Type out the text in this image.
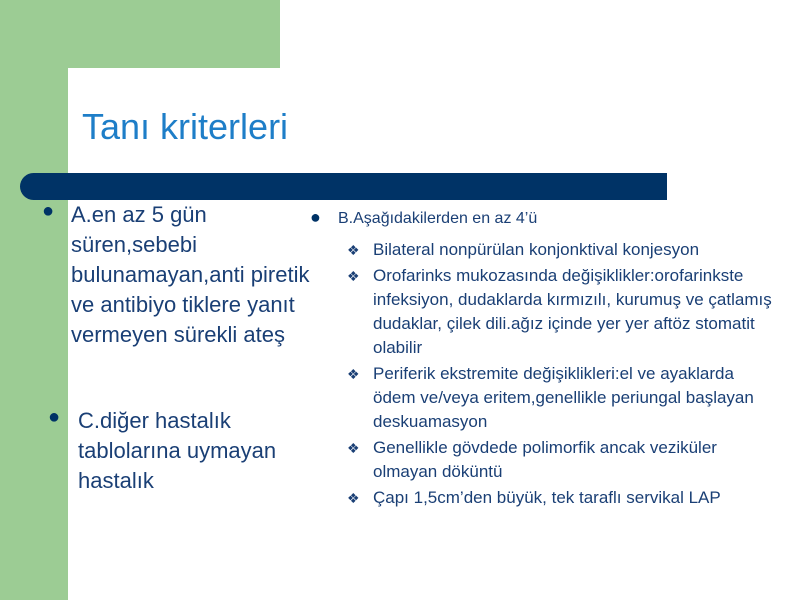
Tanı kriterleri
● A.en az 5 gün süren,sebebi bulunamayan,anti piretik ve antibiyo tiklere yanıt vermeyen sürekli ateş
● C.diğer hastalık tablolarına uymayan hastalık
● B.Aşağıdakilerden en az 4’ü
❖ Bilateral nonpürülan konjonktival konjesyon
❖ Orofarinks mukozasında değişiklikler:orofarinkste infeksiyon, dudaklarda kırmızılı, kurumuş ve çatlamış dudaklar, çilek dili.ağız içinde yer yer aftöz stomatit olabilir
❖ Periferik ekstremite değişiklikleri:el ve ayaklarda ödem ve/veya eritem,genellikle periungal başlayan deskuamasyon
❖ Genellikle gövdede polimorfik ancak veziküler olmayan döküntü
❖ Çapı 1,5cm’den büyük, tek taraflı servikal LAP
